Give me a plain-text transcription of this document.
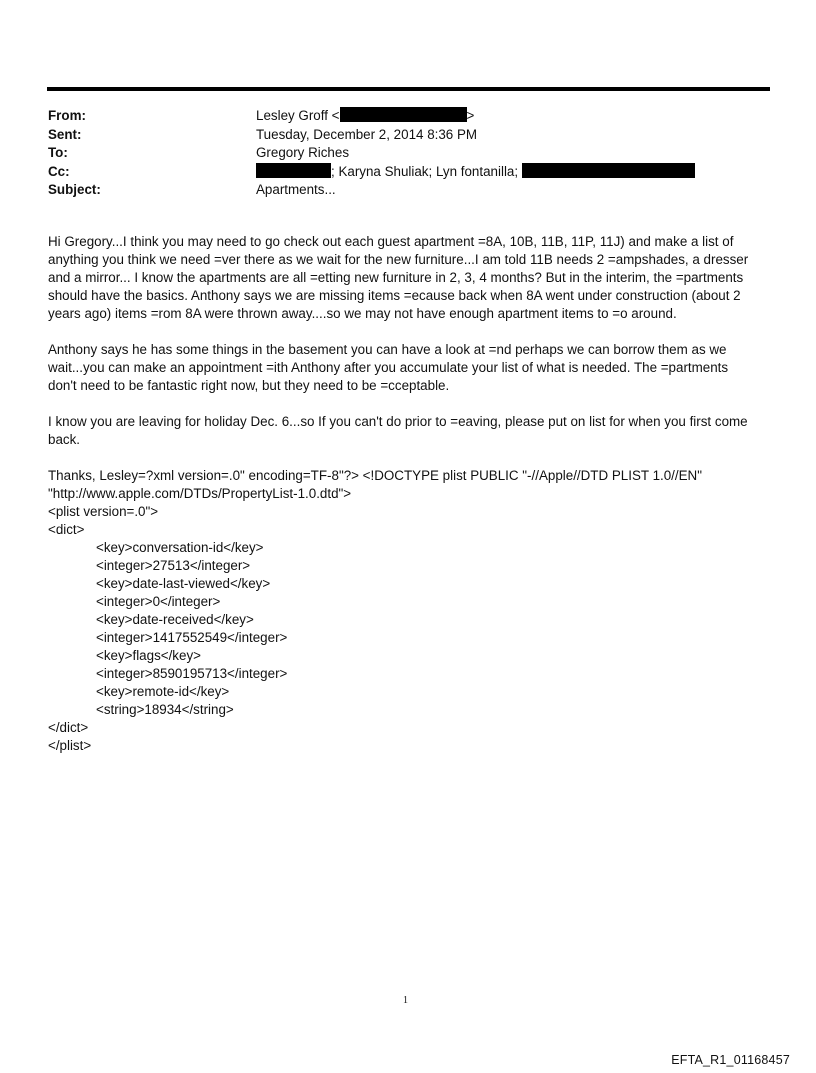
From:	Lesley Groff <	>
Sent:	Tuesday, December 2, 2014 8:36 PM
To:	Gregory Riches
Cc:	; Karyna Shuliak; Lyn fontanilla;
Subject:	Apartments...

Hi Gregory...I think you may need to go check out each guest apartment =8A, 10B, 11B, 11P, 11J) and make a list of
anything you think we need =ver there as we wait for the new furniture...I am told 11B needs 2 =ampshades, a dresser
and a mirror... I know the apartments are all =etting new furniture in 2, 3, 4 months? But in the interim, the =partments
should have the basics. Anthony says we are missing items =ecause back when 8A went under construction (about 2
years ago) items =rom 8A were thrown away....so we may not have enough apartment items to =o around.

Anthony says he has some things in the basement you can have a look at =nd perhaps we can borrow them as we
wait...you can make an appointment =ith Anthony after you accumulate your list of what is needed. The =partments
don't need to be fantastic right now, but they need to be =cceptable.

I know you are leaving for holiday Dec. 6...so If you can't do prior to =eaving, please put on list for when you first come
back.

Thanks, Lesley=?xml version=.0" encoding=TF-8"?> <!DOCTYPE plist PUBLIC "-//Apple//DTD PLIST 1.0//EN"
"http://www.apple.com/DTDs/PropertyList-1.0.dtd">
<plist version=.0">
<dict>
<key>conversation-id</key>
<integer>27513</integer>
<key>date-last-viewed</key>
<integer>0</integer>
<key>date-received</key>
<integer>1417552549</integer>
<key>flags</key>
<integer>8590195713</integer>
<key>remote-id</key>
<string>18934</string>
</dict>
</plist>
1
EFTA_R1_01168457
